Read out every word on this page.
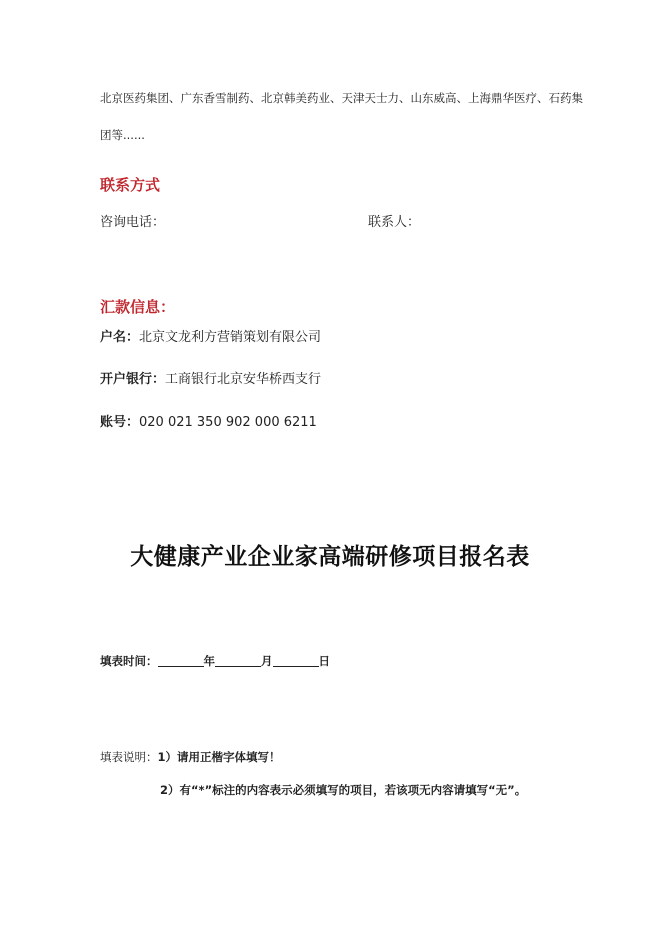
北京医药集团、广东香雪制药、北京韩美药业、天津天士力、山东威高、上海鼎华医疗、石药集
团等......
联系方式
咨询电话：	联系人：
汇款信息：
户名：北京文龙利方营销策划有限公司
开户银行：工商银行北京安华桥西支行
账号：020 021 350 902 000 6211
大健康产业企业家高端研修项目报名表
填表时间：	年	月	日
填表说明：1）请用正楷字体填写！
2）有“*”标注的内容表示必须填写的项目，若该项无内容请填写“无”。
